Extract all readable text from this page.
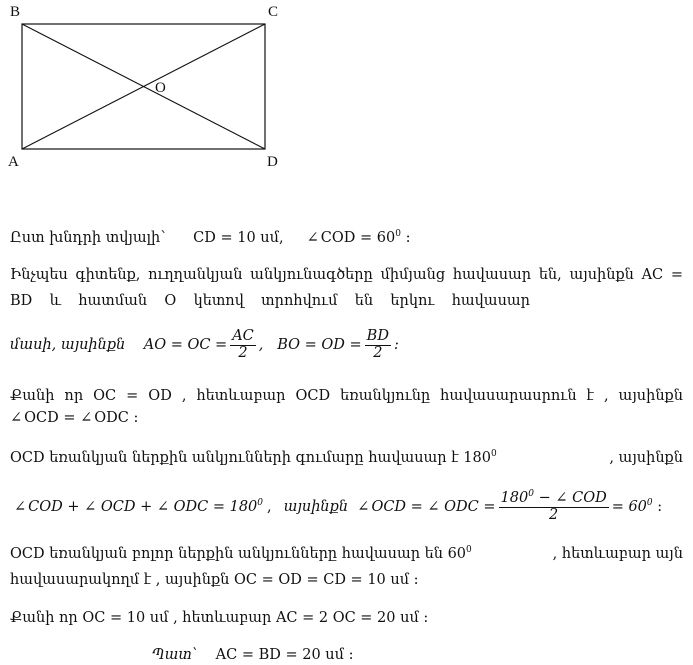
B	C
A	D
O
Ըստ խնդրի տվյալի՝ CD = 10 սմ, ∠ COD = $60^0$ :
Ինչպես գիտենք, ուղղանկյան անկյունագծերը միմյանց հավասար են, այսինքն AC =
BD և հատման O կետով տրոհվում են երկու հավասար
մասի, այսինքն
AO = OC = $\frac{AC}{2}$ ,
BO = OD = $\frac{BD}{2}$ :
Քանի որ OC = OD , հետևաբար OCD եռանկյունը հավասարասրուն է , այսինքն
∠ OCD = ∠ ODC :
OCD եռանկյան ներքին անկյունների գումարը հավասար է $180^0$	, այսինքն
∠ COD + ∠ OCD + ∠ ODC = $180^0$ , այսինքն
∠ OCD = ∠ ODC = $\frac{180^0 - \angle COD}{2} = 60^0$
:
OCD եռանկյան բոլոր ներքին անկյունները հավասար են $60^0$	, հետևաբար այն
հավասարակողմ է , այսինքն OC = OD = CD = 10 սմ :
Քանի որ OC = 10 սմ , հետևաբար AC = 2 OC = 20 սմ :
Պատ՝ AC = BD = 20 սմ :
